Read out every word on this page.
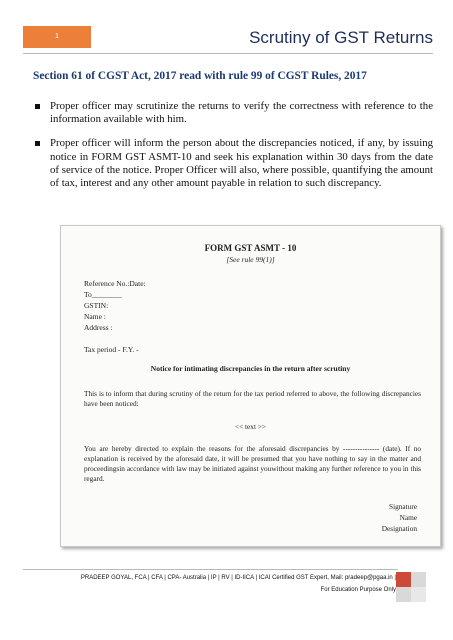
1	Scrutiny of GST Returns
Section 61 of CGST Act, 2017 read with rule 99 of CGST Rules, 2017
Proper officer may scrutinize the returns to verify the correctness with reference to the information available with him.
Proper officer will inform the person about the discrepancies noticed, if any, by issuing notice in FORM GST ASMT-10 and seek his explanation within 30 days from the date of service of the notice. Proper Officer will also, where possible, quantifying the amount of tax, interest and any other amount payable in relation to such discrepancy.
FORM GST ASMT - 10
[See rule 99(1)]
Reference No.:Date:
To________
GSTIN:
Name :
Address :
Tax period - F.Y. -
Notice for intimating discrepancies in the return after scrutiny
This is to inform that during scrutiny of the return for the tax period referred to above, the following discrepancies have been noticed:
<< text >>
You are hereby directed to explain the reasons for the aforesaid discrepancies by --------------- (date). If no explanation is received by the aforesaid date, it will be presumed that you have nothing to say in the matter and proceedingsin accordance with law may be initiated against youwithout making any further reference to you in this regard.
Signature
Name
Designation
PRADEEP GOYAL, FCA | CFA | CPA- Australia | IP | RV | ID-IICA | ICAI Certified GST Expert, Mail: pradeep@pgaa.in |
For Education Purpose Only
